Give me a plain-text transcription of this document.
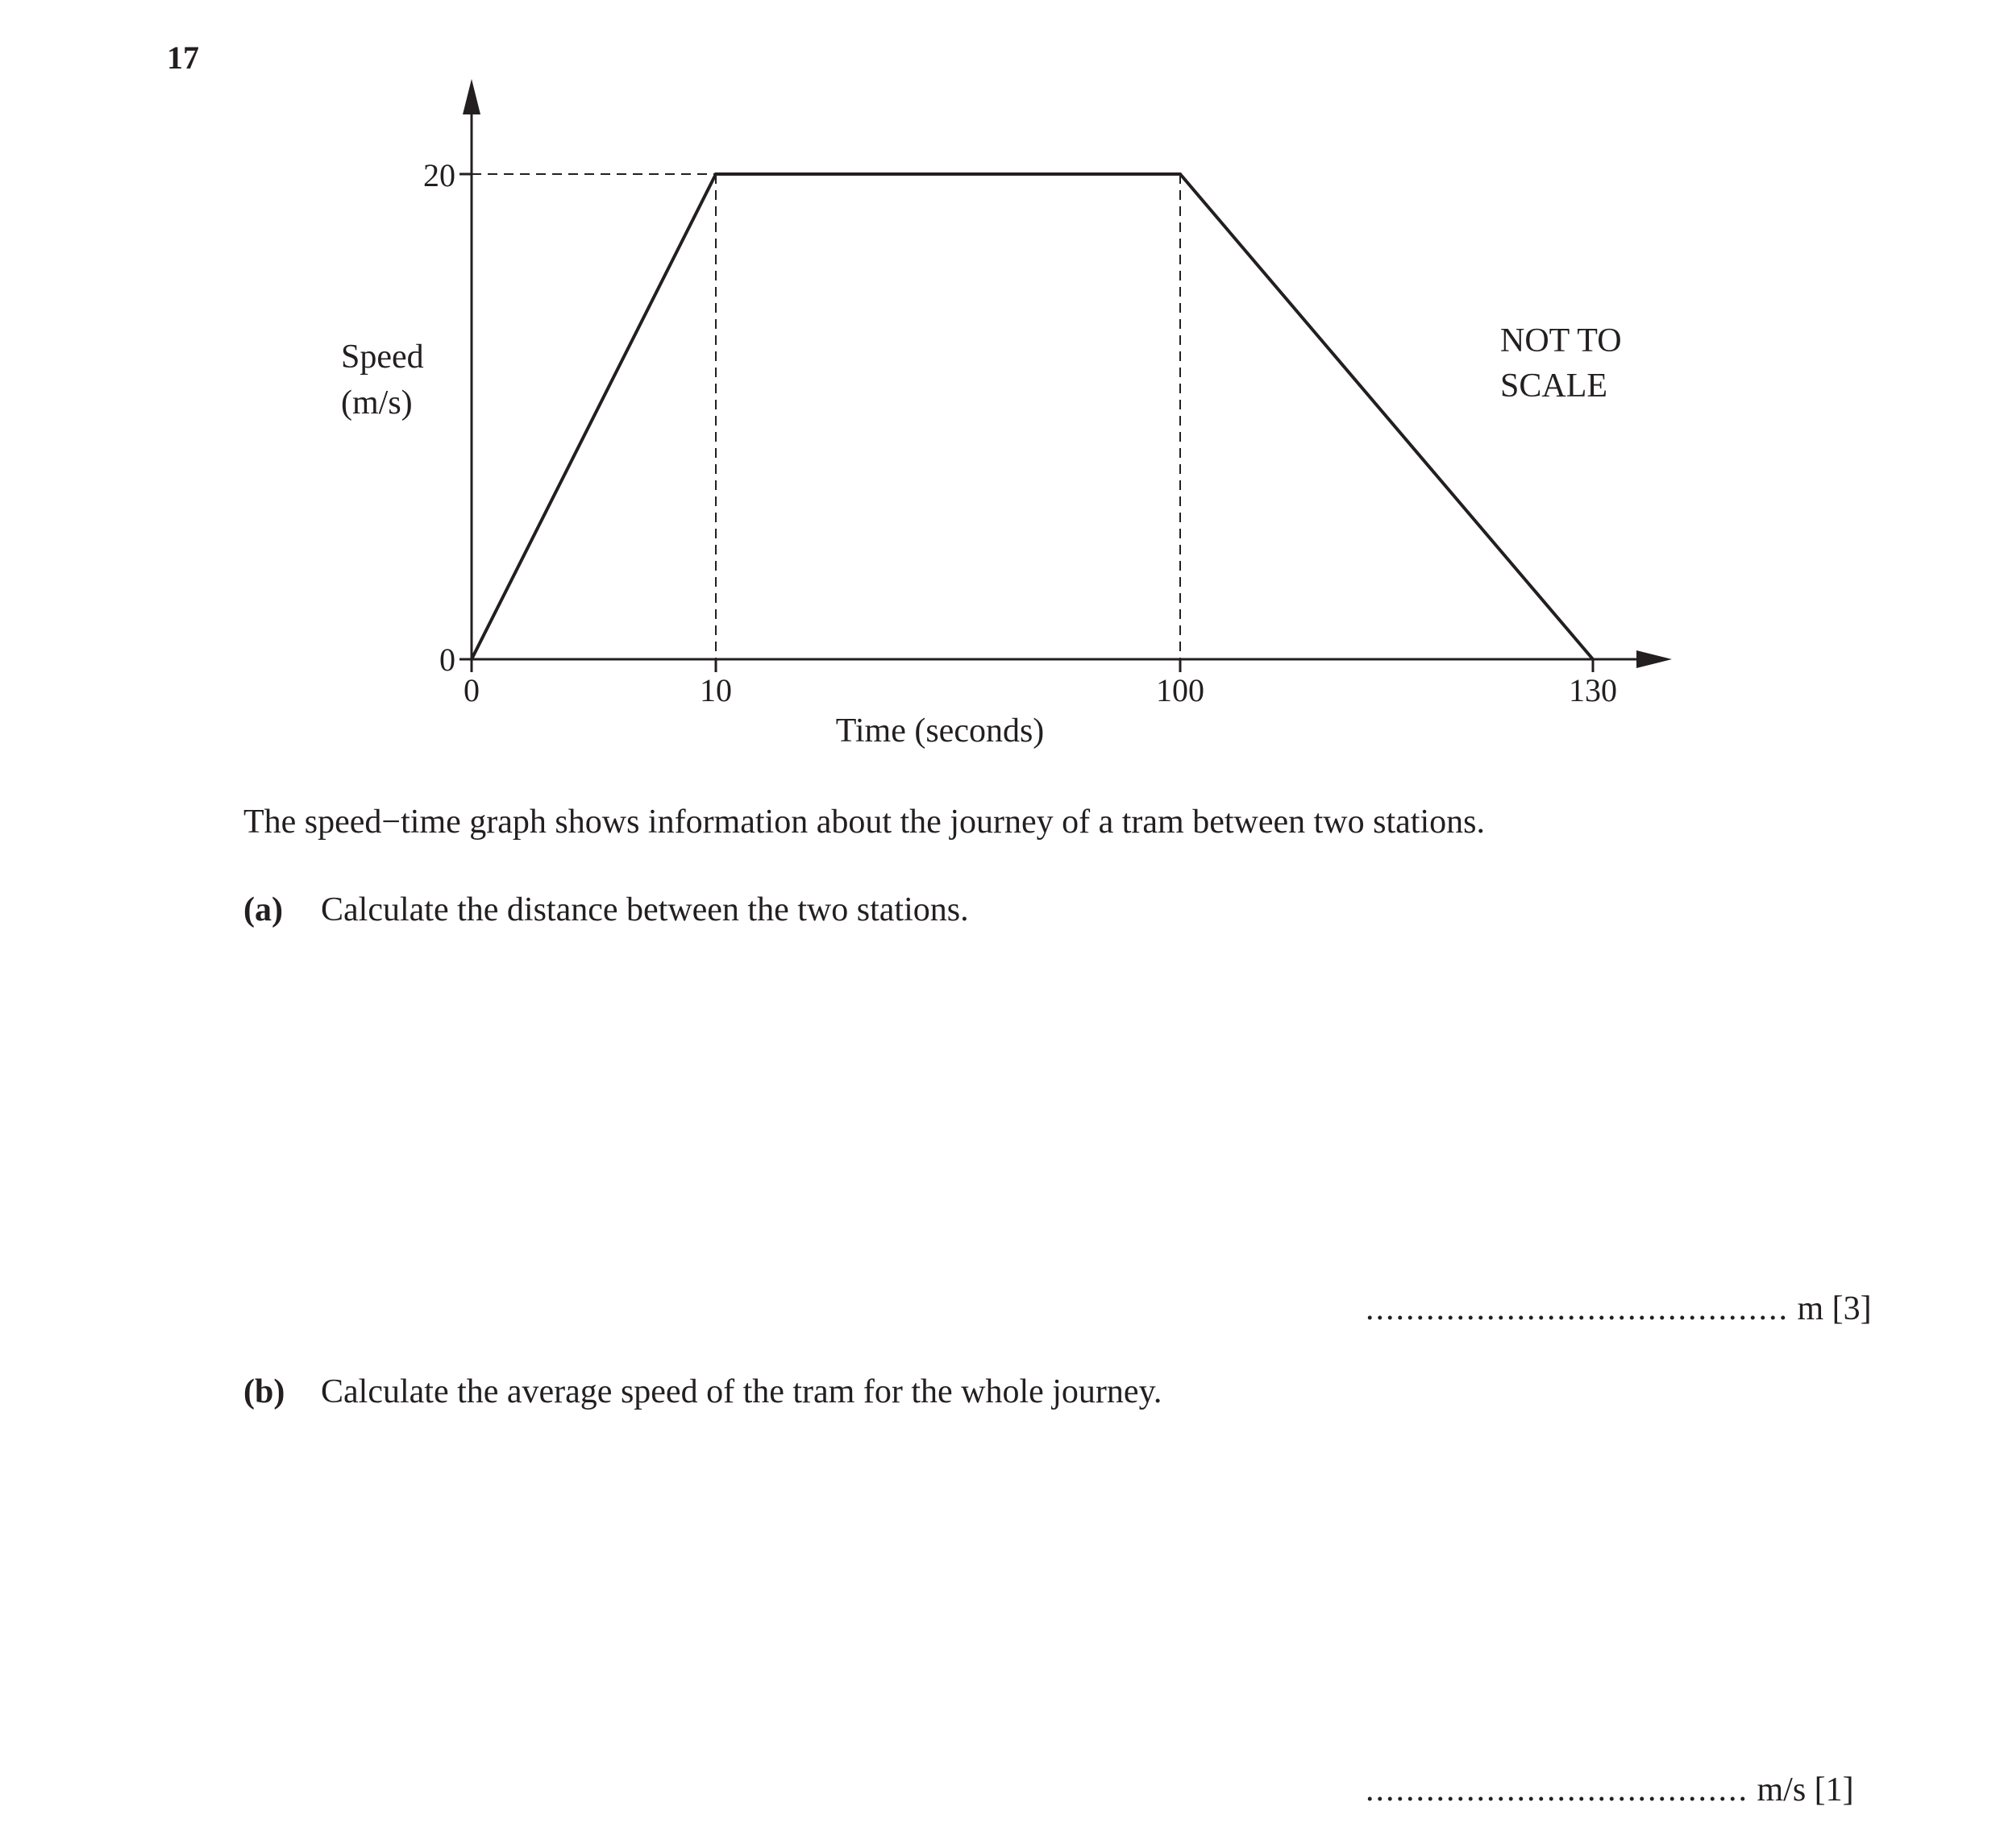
17
0
20
0	10	100	130
Speed (m/s)
Time (seconds)
NOT TO SCALE
The speed−time graph shows information about the journey of a tram between two stations.
(a) Calculate the distance between the two stations.
.......................................... m [3]
(b) Calculate the average speed of the tram for the whole journey.
...................................... m/s [1]
